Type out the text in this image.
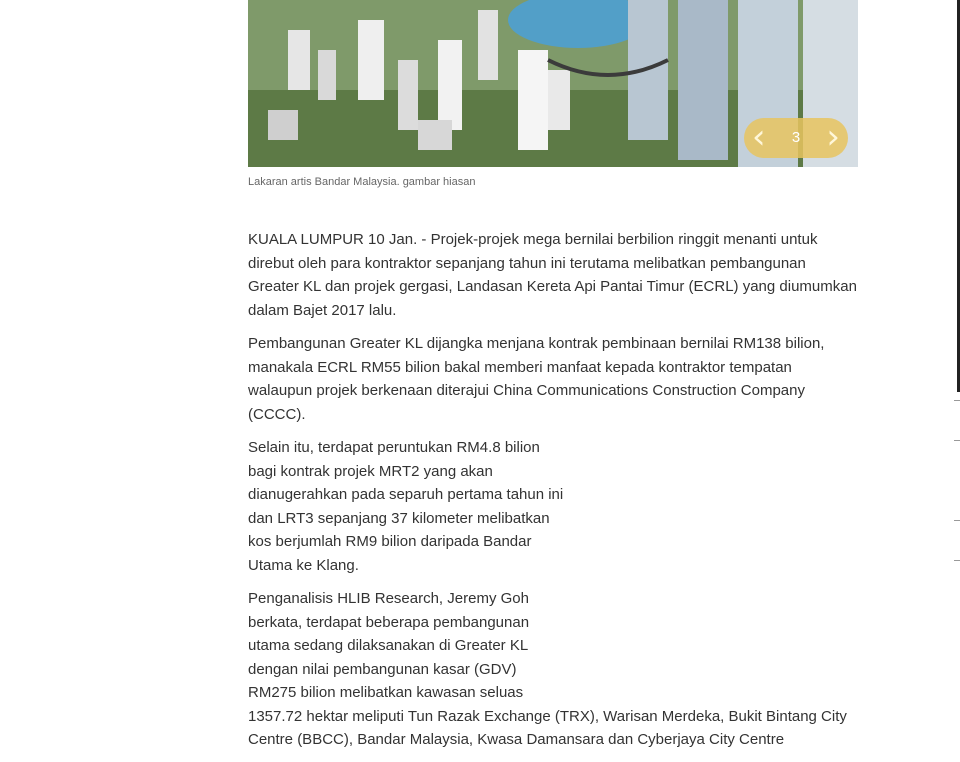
‹	3 ›
Lakaran artis Bandar Malaysia. gambar hiasan

KUALA LUMPUR 10 Jan. - Projek-projek mega bernilai berbilion ringgit menanti untuk direbut oleh para kontraktor sepanjang tahun ini terutama melibatkan pembangunan Greater KL dan projek gergasi, Landasan Kereta Api Pantai Timur (ECRL) yang diumumkan dalam Bajet 2017 lalu.

Pembangunan Greater KL dijangka menjana kontrak pembinaan bernilai RM138 bilion, manakala ECRL RM55 bilion bakal memberi manfaat kepada kontraktor tempatan walaupun projek berkenaan diterajui China Communications Construction Company (CCCC).

Selain itu, terdapat peruntukan RM4.8 bilion bagi kontrak projek MRT2 yang akan dianugerahkan pada separuh pertama tahun ini dan LRT3 sepanjang 37 kilometer melibatkan kos berjumlah RM9 bilion daripada Bandar Utama ke Klang.

Penganalisis HLIB Research, Jeremy Goh berkata, terdapat beberapa pembangunan utama sedang dilaksanakan di Greater KL dengan nilai pembangunan kasar (GDV) RM275 bilion melibatkan kawasan seluas

1357.72 hektar meliputi Tun Razak Exchange (TRX), Warisan Merdeka, Bukit Bintang City Centre (BBCC), Bandar Malaysia, Kwasa Damansara dan Cyberjaya City Centre
